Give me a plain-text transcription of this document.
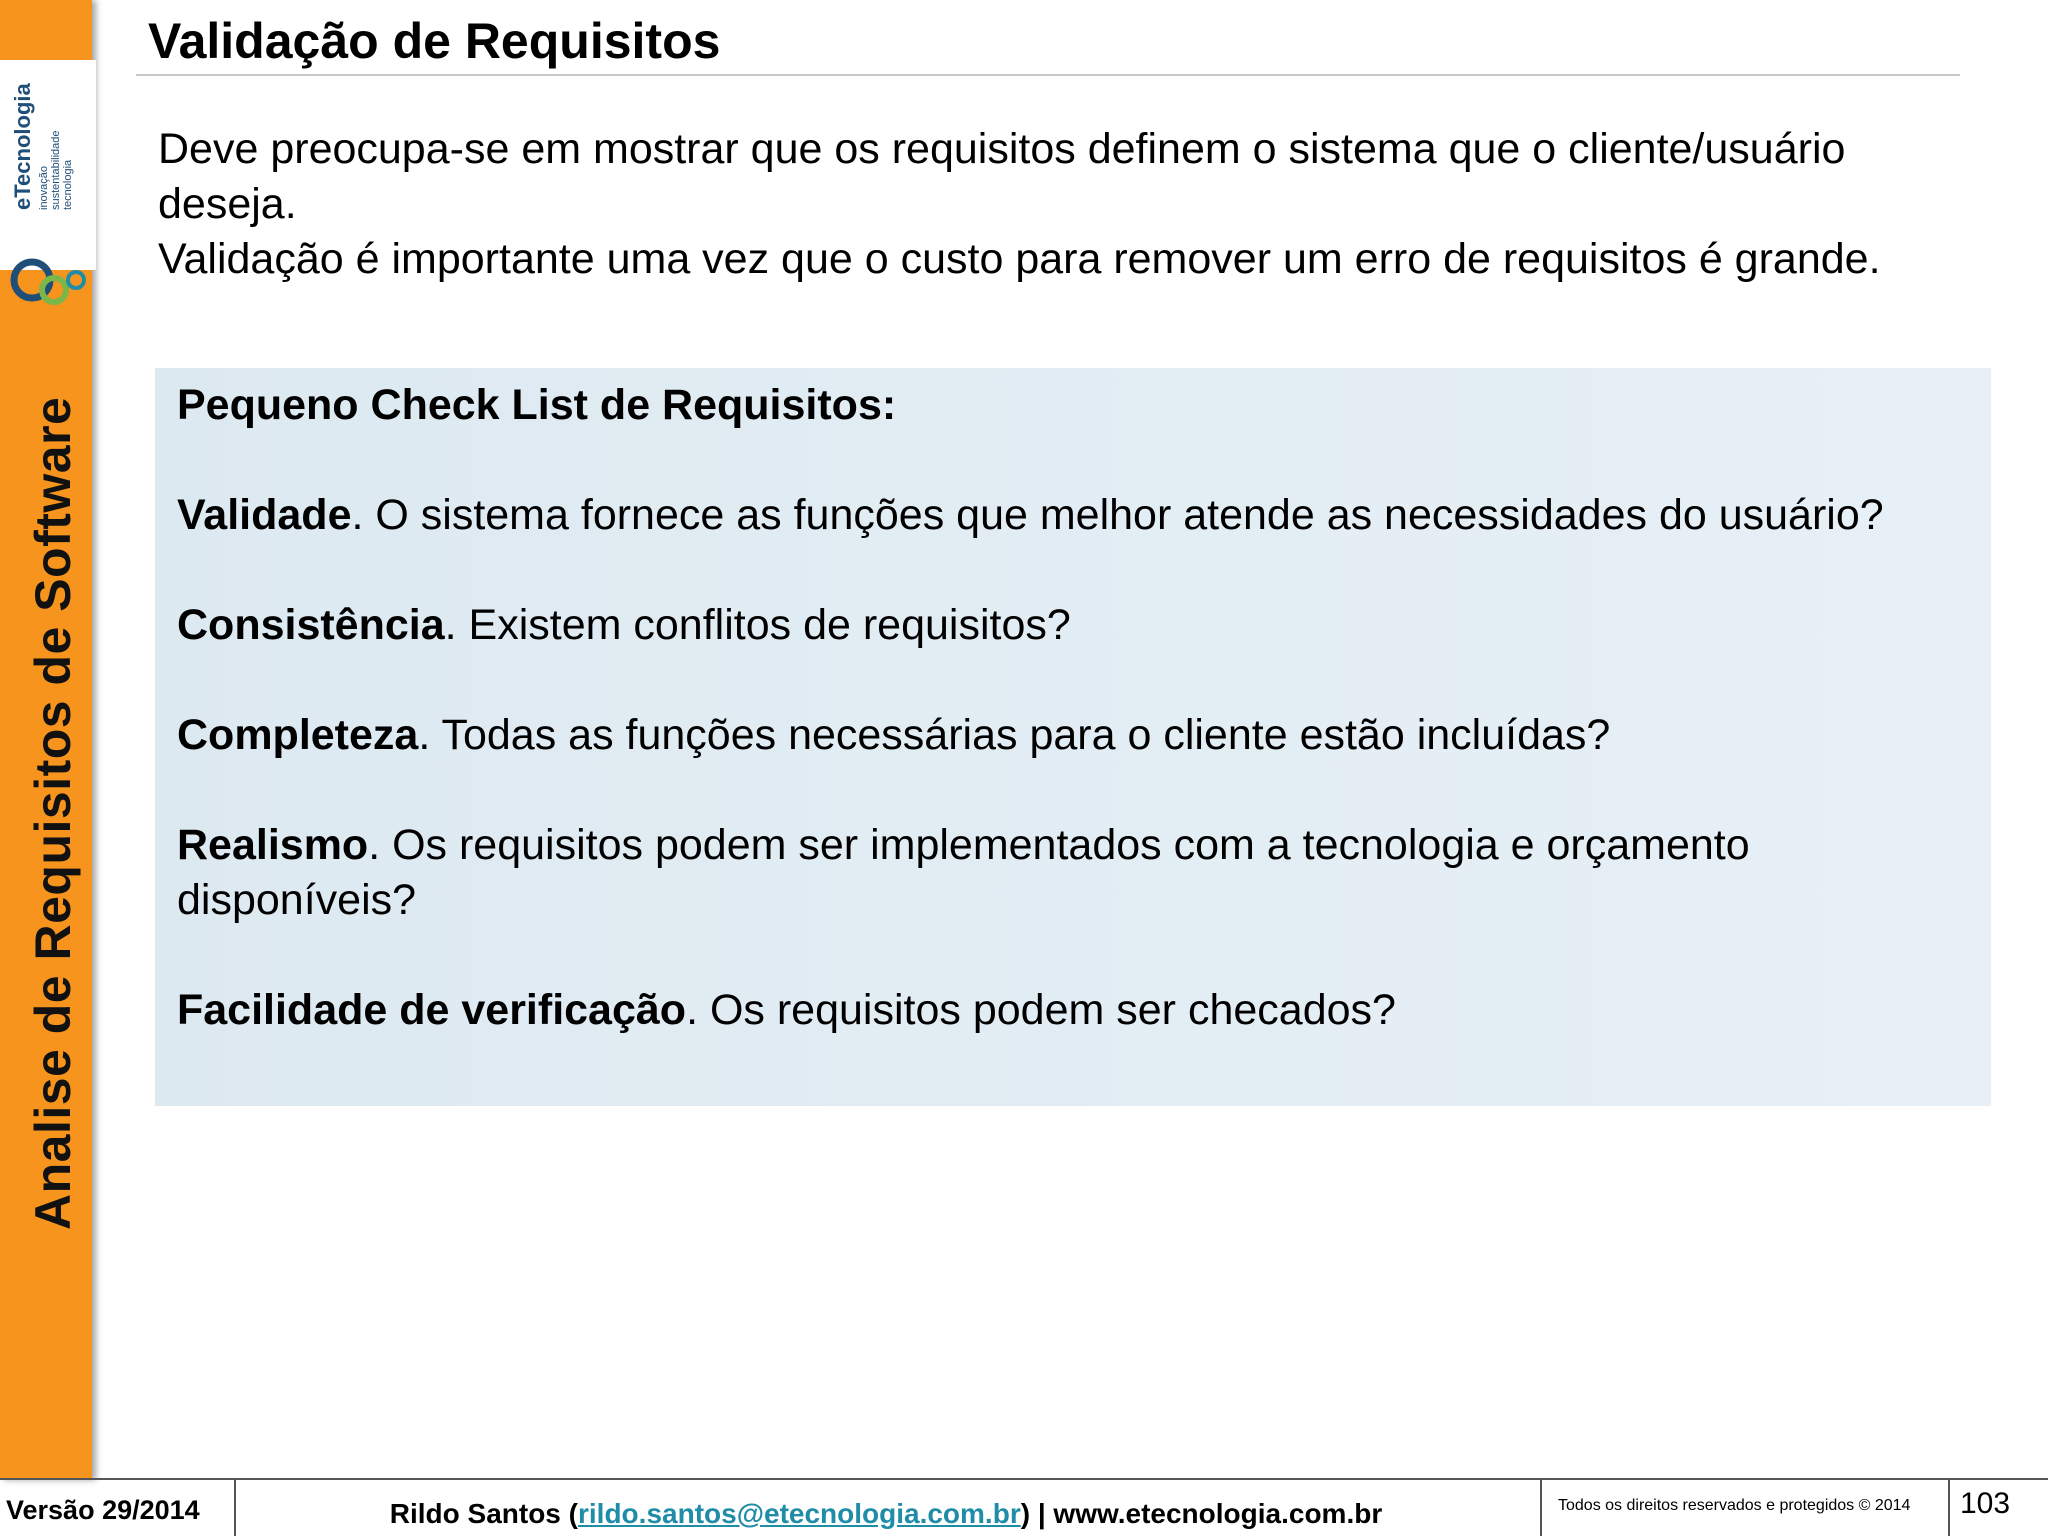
eTecnologia inovação sustentabilidade tecnologia
Analise de Requisitos de Software
Validação de Requisitos

Deve preocupa-se em mostrar que os requisitos definem o sistema que o cliente/usuário deseja.

Validação é importante uma vez que o custo para remover um erro de requisitos é grande.

Pequeno Check List de Requisitos:

Validade. O sistema fornece as funções que melhor atende as necessidades do usuário?

Consistência. Existem conflitos de requisitos?

Completeza. Todas as funções necessárias para o cliente estão incluídas?

Realismo. Os requisitos podem ser implementados com a tecnologia e orçamento disponíveis?

Facilidade de verificação. Os requisitos podem ser checados?

Versão 29/2014	Rildo Santos (rildo.santos@etecnologia.com.br) | www.etecnologia.com.br	Todos os direitos reservados e protegidos © 2014 103
